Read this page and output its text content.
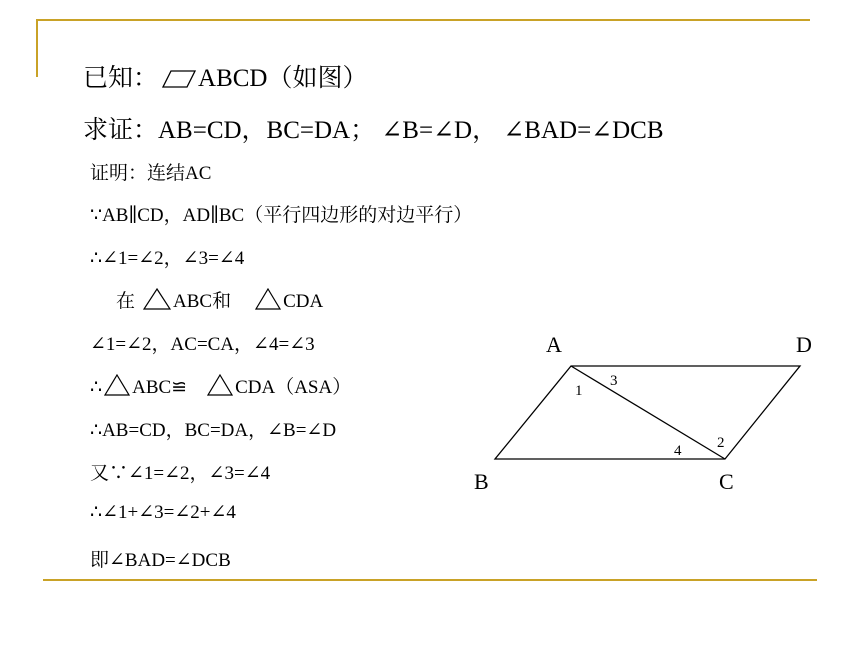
已知： ABCD（如图）
求证：AB=CD，BC=DA； ∠B=∠D， ∠BAD=∠DCB
证明：连结AC
∵AB∥CD，AD∥BC（平行四边形的对边平行）
∴∠1=∠2，∠3=∠4
在 ABC和	CDA
∠1=∠2，AC=CA，∠4=∠3
∴ ABC≌	CDA（ASA）
∴AB=CD，BC=DA，∠B=∠D
又∵∠1=∠2，∠3=∠4
∴∠1+∠3=∠2+∠4
即∠BAD=∠DCB
A	D
B	C
1
3
4 2
